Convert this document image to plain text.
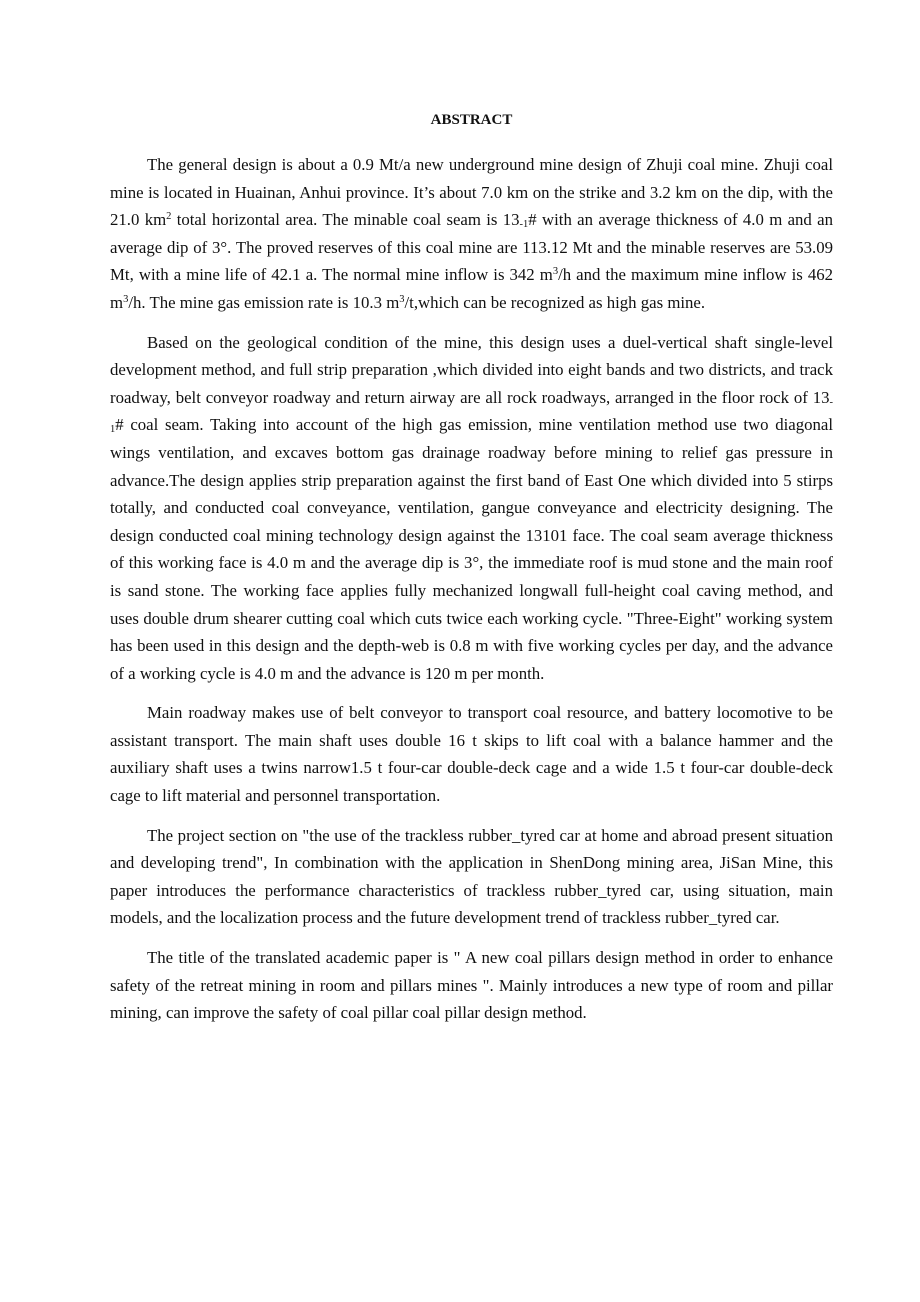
ABSTRACT

The general design is about a 0.9 Mt/a new underground mine design of Zhuji coal mine. Zhuji coal mine is located in Huainan, Anhui province. It’s about 7.0 km on the strike and 3.2 km on the dip, with the 21.0 $km^2$ total horizontal area. The minable coal seam is $13_{-1}\#$ with an average thickness of 4.0 m and an average dip of 3°. The proved reserves of this coal mine are 113.12 Mt and the minable reserves are 53.09 Mt, with a mine life of 42.1 a. The normal mine inflow is 342 $m^3/h$ and the maximum mine inflow is 462 $m^3/h$. The mine gas emission rate is 10.3 $m^3/t,which$ can be recognized as high gas mine.

Based on the geological condition of the mine, this design uses a duel-vertical shaft single-level development method, and full strip preparation ,which divided into eight bands and two districts, and track roadway, belt conveyor roadway and return airway are all rock roadways, arranged in the floor rock of $13_{-1}\#$ coal seam. Taking into account of the high gas emission, mine ventilation method use two diagonal wings ventilation, and excaves bottom gas drainage roadway before mining to relief gas pressure in advance.The design applies strip preparation against the first band of East One which divided into 5 stirps totally, and conducted coal conveyance, ventilation, gangue conveyance and electricity designing. The design conducted coal mining technology design against the 13101 face. The coal seam average thickness of this working face is 4.0 m and the average dip is 3°, the immediate roof is mud stone and the main roof is sand stone. The working face applies fully mechanized longwall full-height coal caving method, and uses double drum shearer cutting coal which cuts twice each working cycle. "Three-Eight" working system has been used in this design and the depth-web is 0.8 m with five working cycles per day, and the advance of a working cycle is 4.0 m and the advance is 120 m per month.

Main roadway makes use of belt conveyor to transport coal resource, and battery locomotive to be assistant transport. The main shaft uses double 16 t skips to lift coal with a balance hammer and the auxiliary shaft uses a twins narrow1.5 t four-car double-deck cage and a wide 1.5 t four-car double-deck cage to lift material and personnel transportation.

The project section on "the use of the trackless rubber_tyred car at home and abroad present situation and developing trend", In combination with the application in ShenDong mining area, JiSan Mine, this paper introduces the performance characteristics of trackless rubber_tyred car, using situation, main models, and the localization process and the future development trend of trackless rubber_tyred car.

The title of the translated academic paper is " A new coal pillars design method in order to enhance safety of the retreat mining in room and pillars mines ". Mainly introduces a new type of room and pillar mining, can improve the safety of coal pillar coal pillar design method.
